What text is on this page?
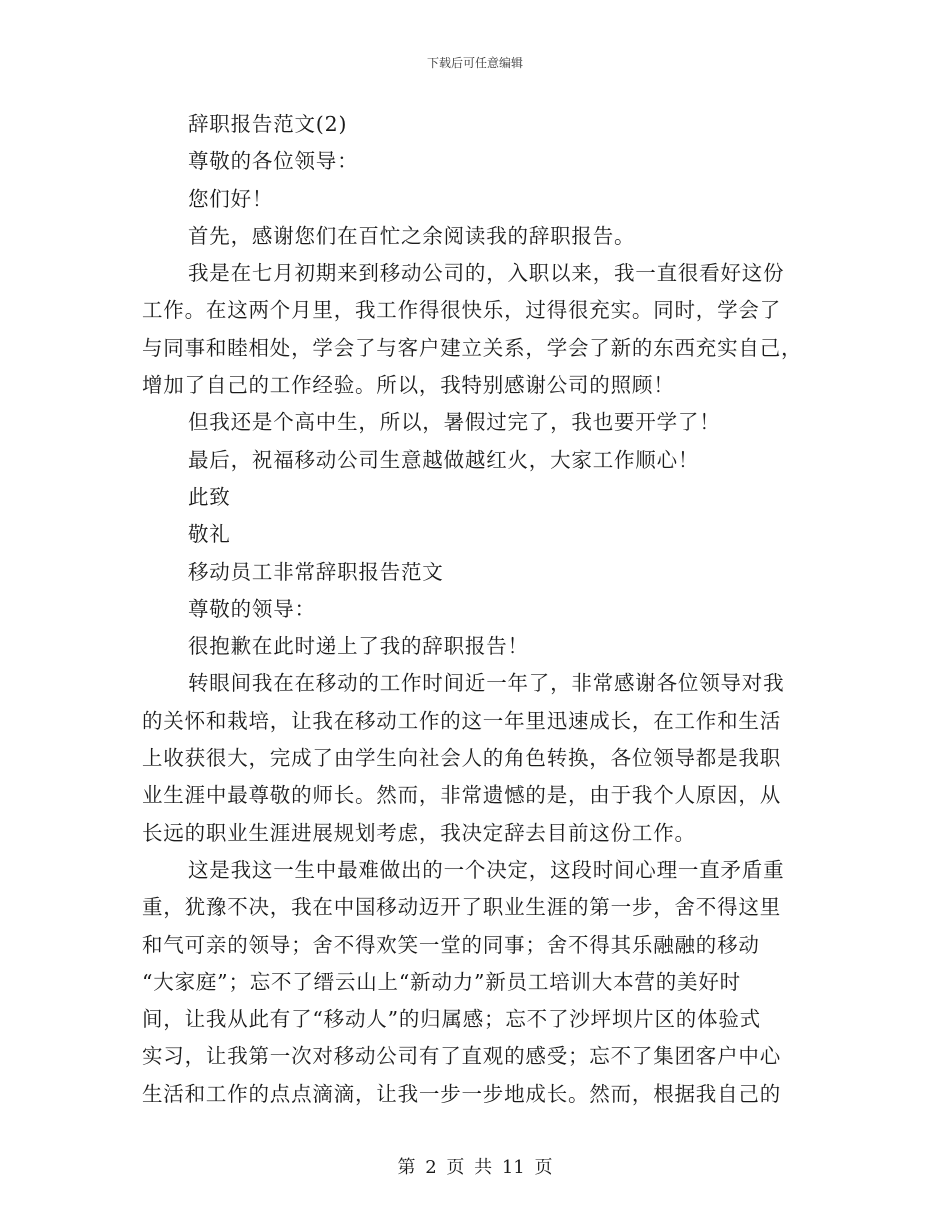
下载后可任意编辑
辞职报告范文(2)
尊敬的各位领导：
您们好！
首先，感谢您们在百忙之余阅读我的辞职报告。
我是在七月初期来到移动公司的，入职以来，我一直很看好这份
工作。在这两个月里，我工作得很快乐，过得很充实。同时，学会了
与同事和睦相处，学会了与客户建立关系，学会了新的东西充实自己，
增加了自己的工作经验。所以，我特别感谢公司的照顾！
但我还是个高中生，所以，暑假过完了，我也要开学了！
最后，祝福移动公司生意越做越红火，大家工作顺心！
此致
敬礼
移动员工非常辞职报告范文
尊敬的领导：
很抱歉在此时递上了我的辞职报告！
转眼间我在在移动的工作时间近一年了，非常感谢各位领导对我
的关怀和栽培，让我在移动工作的这一年里迅速成长，在工作和生活
上收获很大，完成了由学生向社会人的角色转换，各位领导都是我职
业生涯中最尊敬的师长。然而，非常遗憾的是，由于我个人原因，从
长远的职业生涯进展规划考虑，我决定辞去目前这份工作。
这是我这一生中最难做出的一个决定，这段时间心理一直矛盾重
重，犹豫不决，我在中国移动迈开了职业生涯的第一步，舍不得这里
和气可亲的领导；舍不得欢笑一堂的同事；舍不得其乐融融的移动
“大家庭”；忘不了缙云山上“新动力”新员工培训大本营的美好时
间，让我从此有了“移动人”的归属感；忘不了沙坪坝片区的体验式
实习，让我第一次对移动公司有了直观的感受；忘不了集团客户中心
生活和工作的点点滴滴，让我一步一步地成长。然而，根据我自己的
第 2 页 共 11 页
